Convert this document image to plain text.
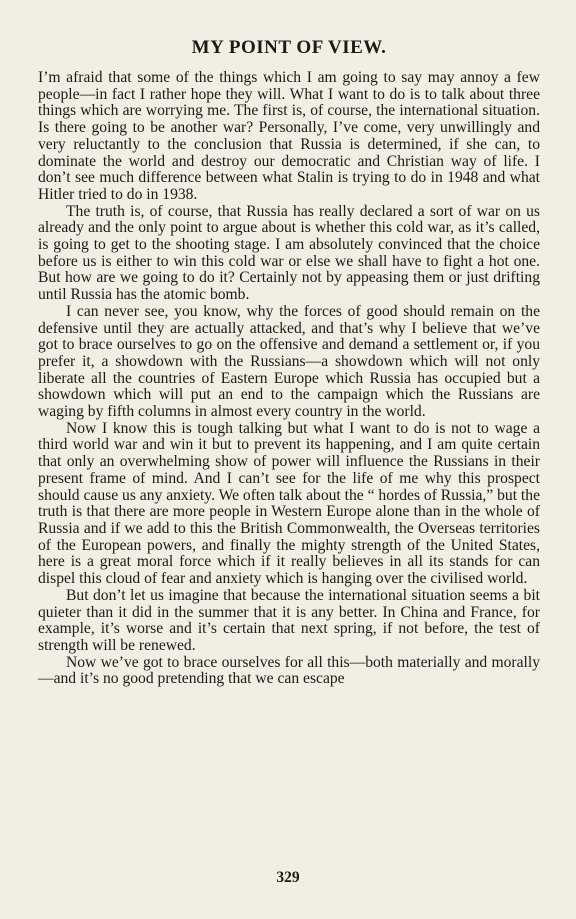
MY POINT OF VIEW.

I’m afraid that some of the things which I am going to say may annoy a few people—in fact I rather hope they will. What I want to do is to talk about three things which are worrying me. The first is, of course, the international situation. Is there going to be another war? Personally, I’ve come, very unwillingly and very reluctantly to the conclusion that Russia is determined, if she can, to dominate the world and destroy our democratic and Christian way of life. I don’t see much difference between what Stalin is trying to do in 1948 and what Hitler tried to do in 1938.

The truth is, of course, that Russia has really declared a sort of war on us already and the only point to argue about is whether this cold war, as it’s called, is going to get to the shooting stage. I am absolutely convinced that the choice before us is either to win this cold war or else we shall have to fight a hot one. But how are we going to do it? Certainly not by appeasing them or just drifting until Russia has the atomic bomb.

I can never see, you know, why the forces of good should remain on the defensive until they are actually attacked, and that’s why I believe that we’ve got to brace ourselves to go on the offensive and demand a settlement or, if you prefer it, a showdown with the Russians—a showdown which will not only liberate all the countries of Eastern Europe which Russia has occupied but a showdown which will put an end to the campaign which the Russians are waging by fifth columns in almost every country in the world.

Now I know this is tough talking but what I want to do is not to wage a third world war and win it but to prevent its happening, and I am quite certain that only an overwhelming show of power will influence the Russians in their present frame of mind. And I can’t see for the life of me why this prospect should cause us any anxiety. We often talk about the “ hordes of Russia,” but the truth is that there are more people in Western Europe alone than in the whole of Russia and if we add to this the British Commonwealth, the Overseas territories of the European powers, and finally the mighty strength of the United States, here is a great moral force which if it really believes in all its stands for can dispel this cloud of fear and anxiety which is hanging over the civilised world.

But don’t let us imagine that because the international situation seems a bit quieter than it did in the summer that it is any better. In China and France, for example, it’s worse and it’s certain that next spring, if not before, the test of strength will be renewed.

Now we’ve got to brace ourselves for all this—both materially and morally—and it’s no good pretending that we can escape

329
